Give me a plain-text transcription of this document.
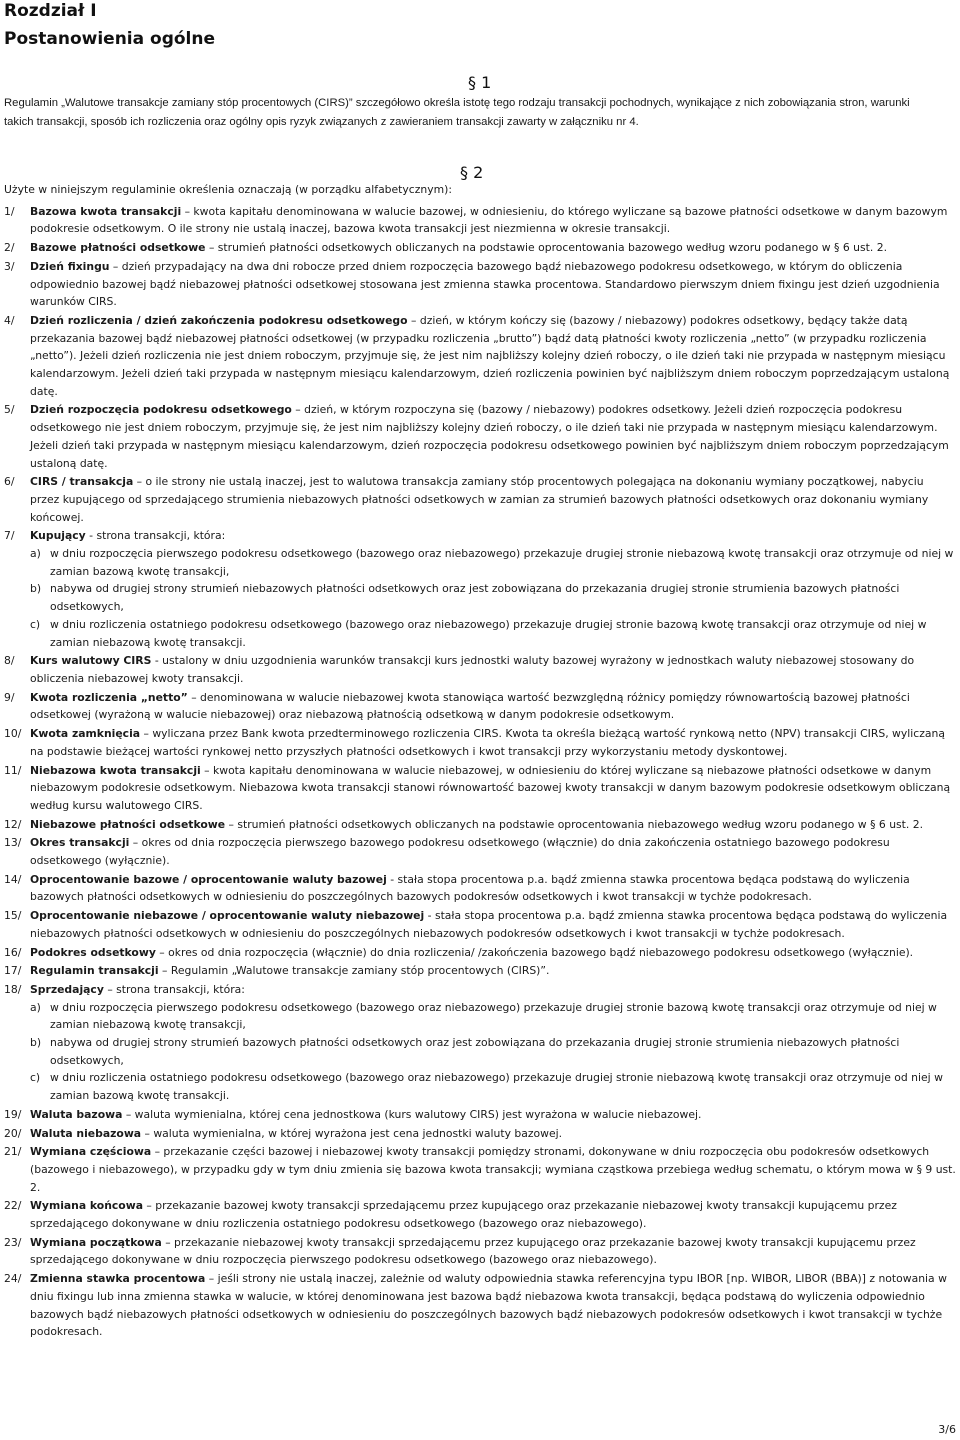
Rozdział I
Postanowienia ogólne
§ 1

Regulamin „Walutowe transakcje zamiany stóp procentowych (CIRS)” szczegółowo określa istotę tego rodzaju transakcji pochodnych, wynikające z nich zobowiązania stron, warunki takich transakcji, sposób ich rozliczenia oraz ogólny opis ryzyk związanych z zawieraniem transakcji zawarty w załączniku nr 4.

§ 2

Użyte w niniejszym regulaminie określenia oznaczają (w porządku alfabetycznym):

1/ Bazowa kwota transakcji – kwota kapitału denominowana w walucie bazowej, w odniesieniu, do którego wyliczane są bazowe płatności odsetkowe w danym bazowym podokresie odsetkowym. O ile strony nie ustalą inaczej, bazowa kwota transakcji jest niezmienna w okresie transakcji.
2/ Bazowe płatności odsetkowe – strumień płatności odsetkowych obliczanych na podstawie oprocentowania bazowego według wzoru podanego w § 6 ust. 2.
3/ Dzień fixingu – dzień przypadający na dwa dni robocze przed dniem rozpoczęcia bazowego bądź niebazowego podokresu odsetkowego, w którym do obliczenia odpowiednio bazowej bądź niebazowej płatności odsetkowej stosowana jest zmienna stawka procentowa. Standardowo pierwszym dniem fixingu jest dzień uzgodnienia warunków CIRS.
4/ Dzień rozliczenia / dzień zakończenia podokresu odsetkowego – dzień, w którym kończy się (bazowy / niebazowy) podokres odsetkowy, będący także datą przekazania bazowej bądź niebazowej płatności odsetkowej (w przypadku rozliczenia „brutto”) bądź datą płatności kwoty rozliczenia „netto” (w przypadku rozliczenia „netto”). Jeżeli dzień rozliczenia nie jest dniem roboczym, przyjmuje się, że jest nim najbliższy kolejny dzień roboczy, o ile dzień taki nie przypada w następnym miesiącu kalendarzowym. Jeżeli dzień taki przypada w następnym miesiącu kalendarzowym, dzień rozliczenia powinien być najbliższym dniem roboczym poprzedzającym ustaloną datę.
5/ Dzień rozpoczęcia podokresu odsetkowego – dzień, w którym rozpoczyna się (bazowy / niebazowy) podokres odsetkowy. Jeżeli dzień rozpoczęcia podokresu odsetkowego nie jest dniem roboczym, przyjmuje się, że jest nim najbliższy kolejny dzień roboczy, o ile dzień taki nie przypada w następnym miesiącu kalendarzowym. Jeżeli dzień taki przypada w następnym miesiącu kalendarzowym, dzień rozpoczęcia podokresu odsetkowego powinien być najbliższym dniem roboczym poprzedzającym ustaloną datę.
6/ CIRS / transakcja – o ile strony nie ustalą inaczej, jest to walutowa transakcja zamiany stóp procentowych polegająca na dokonaniu wymiany początkowej, nabyciu przez kupującego od sprzedającego strumienia niebazowych płatności odsetkowych w zamian za strumień bazowych płatności odsetkowych oraz dokonaniu wymiany końcowej.
7/ Kupujący - strona transakcji, która:
a) w dniu rozpoczęcia pierwszego podokresu odsetkowego (bazowego oraz niebazowego) przekazuje drugiej stronie niebazową kwotę transakcji oraz otrzymuje od niej w zamian bazową kwotę transakcji,
b) nabywa od drugiej strony strumień niebazowych płatności odsetkowych oraz jest zobowiązana do przekazania drugiej stronie strumienia bazowych płatności odsetkowych,
c) w dniu rozliczenia ostatniego podokresu odsetkowego (bazowego oraz niebazowego) przekazuje drugiej stronie bazową kwotę transakcji oraz otrzymuje od niej w zamian niebazową kwotę transakcji.
8/ Kurs walutowy CIRS - ustalony w dniu uzgodnienia warunków transakcji kurs jednostki waluty bazowej wyrażony w jednostkach waluty niebazowej stosowany do obliczenia niebazowej kwoty transakcji.
9/ Kwota rozliczenia „netto” – denominowana w walucie niebazowej kwota stanowiąca wartość bezwzględną różnicy pomiędzy równowartością bazowej płatności odsetkowej (wyrażoną w walucie niebazowej) oraz niebazową płatnością odsetkową w danym podokresie odsetkowym.
10/ Kwota zamknięcia – wyliczana przez Bank kwota przedterminowego rozliczenia CIRS. Kwota ta określa bieżącą wartość rynkową netto (NPV) transakcji CIRS, wyliczaną na podstawie bieżącej wartości rynkowej netto przyszłych płatności odsetkowych i kwot transakcji przy wykorzystaniu metody dyskontowej.
11/ Niebazowa kwota transakcji – kwota kapitału denominowana w walucie niebazowej, w odniesieniu do której wyliczane są niebazowe płatności odsetkowe w danym niebazowym podokresie odsetkowym. Niebazowa kwota transakcji stanowi równowartość bazowej kwoty transakcji w danym bazowym podokresie odsetkowym obliczaną według kursu walutowego CIRS.
12/ Niebazowe płatności odsetkowe – strumień płatności odsetkowych obliczanych na podstawie oprocentowania niebazowego według wzoru podanego w § 6 ust. 2.
13/ Okres transakcji – okres od dnia rozpoczęcia pierwszego bazowego podokresu odsetkowego (włącznie) do dnia zakończenia ostatniego bazowego podokresu odsetkowego (wyłącznie).
14/ Oprocentowanie bazowe / oprocentowanie waluty bazowej - stała stopa procentowa p.a. bądź zmienna stawka procentowa będąca podstawą do wyliczenia bazowych płatności odsetkowych w odniesieniu do poszczególnych bazowych podokresów odsetkowych i kwot transakcji w tychże podokresach.
15/ Oprocentowanie niebazowe / oprocentowanie waluty niebazowej - stała stopa procentowa p.a. bądź zmienna stawka procentowa będąca podstawą do wyliczenia niebazowych płatności odsetkowych w odniesieniu do poszczególnych niebazowych podokresów odsetkowych i kwot transakcji w tychże podokresach.
16/ Podokres odsetkowy – okres od dnia rozpoczęcia (włącznie) do dnia rozliczenia/ /zakończenia bazowego bądź niebazowego podokresu odsetkowego (wyłącznie).
17/ Regulamin transakcji – Regulamin „Walutowe transakcje zamiany stóp procentowych (CIRS)”.
18/ Sprzedający – strona transakcji, która:
a) w dniu rozpoczęcia pierwszego podokresu odsetkowego (bazowego oraz niebazowego) przekazuje drugiej stronie bazową kwotę transakcji oraz otrzymuje od niej w zamian niebazową kwotę transakcji,
b) nabywa od drugiej strony strumień bazowych płatności odsetkowych oraz jest zobowiązana do przekazania drugiej stronie strumienia niebazowych płatności odsetkowych,
c) w dniu rozliczenia ostatniego podokresu odsetkowego (bazowego oraz niebazowego) przekazuje drugiej stronie niebazową kwotę transakcji oraz otrzymuje od niej w zamian bazową kwotę transakcji.
19/ Waluta bazowa – waluta wymienialna, której cena jednostkowa (kurs walutowy CIRS) jest wyrażona w walucie niebazowej.
20/ Waluta niebazowa – waluta wymienialna, w której wyrażona jest cena jednostki waluty bazowej.
21/ Wymiana częściowa – przekazanie części bazowej i niebazowej kwoty transakcji pomiędzy stronami, dokonywane w dniu rozpoczęcia obu podokresów odsetkowych (bazowego i niebazowego), w przypadku gdy w tym dniu zmienia się bazowa kwota transakcji; wymiana cząstkowa przebiega według schematu, o którym mowa w § 9 ust. 2.
22/ Wymiana końcowa – przekazanie bazowej kwoty transakcji sprzedającemu przez kupującego oraz przekazanie niebazowej kwoty transakcji kupującemu przez sprzedającego dokonywane w dniu rozliczenia ostatniego podokresu odsetkowego (bazowego oraz niebazowego).
23/ Wymiana początkowa – przekazanie niebazowej kwoty transakcji sprzedającemu przez kupującego oraz przekazanie bazowej kwoty transakcji kupującemu przez sprzedającego dokonywane w dniu rozpoczęcia pierwszego podokresu odsetkowego (bazowego oraz niebazowego).
24/ Zmienna stawka procentowa – jeśli strony nie ustalą inaczej, zależnie od waluty odpowiednia stawka referencyjna typu IBOR [np. WIBOR, LIBOR (BBA)] z notowania w dniu fixingu lub inna zmienna stawka w walucie, w której denominowana jest bazowa bądź niebazowa kwota transakcji, będąca podstawą do wyliczenia odpowiednio bazowych bądź niebazowych płatności odsetkowych w odniesieniu do poszczególnych bazowych bądź niebazowych podokresów odsetkowych i kwot transakcji w tychże podokresach.
3/6
